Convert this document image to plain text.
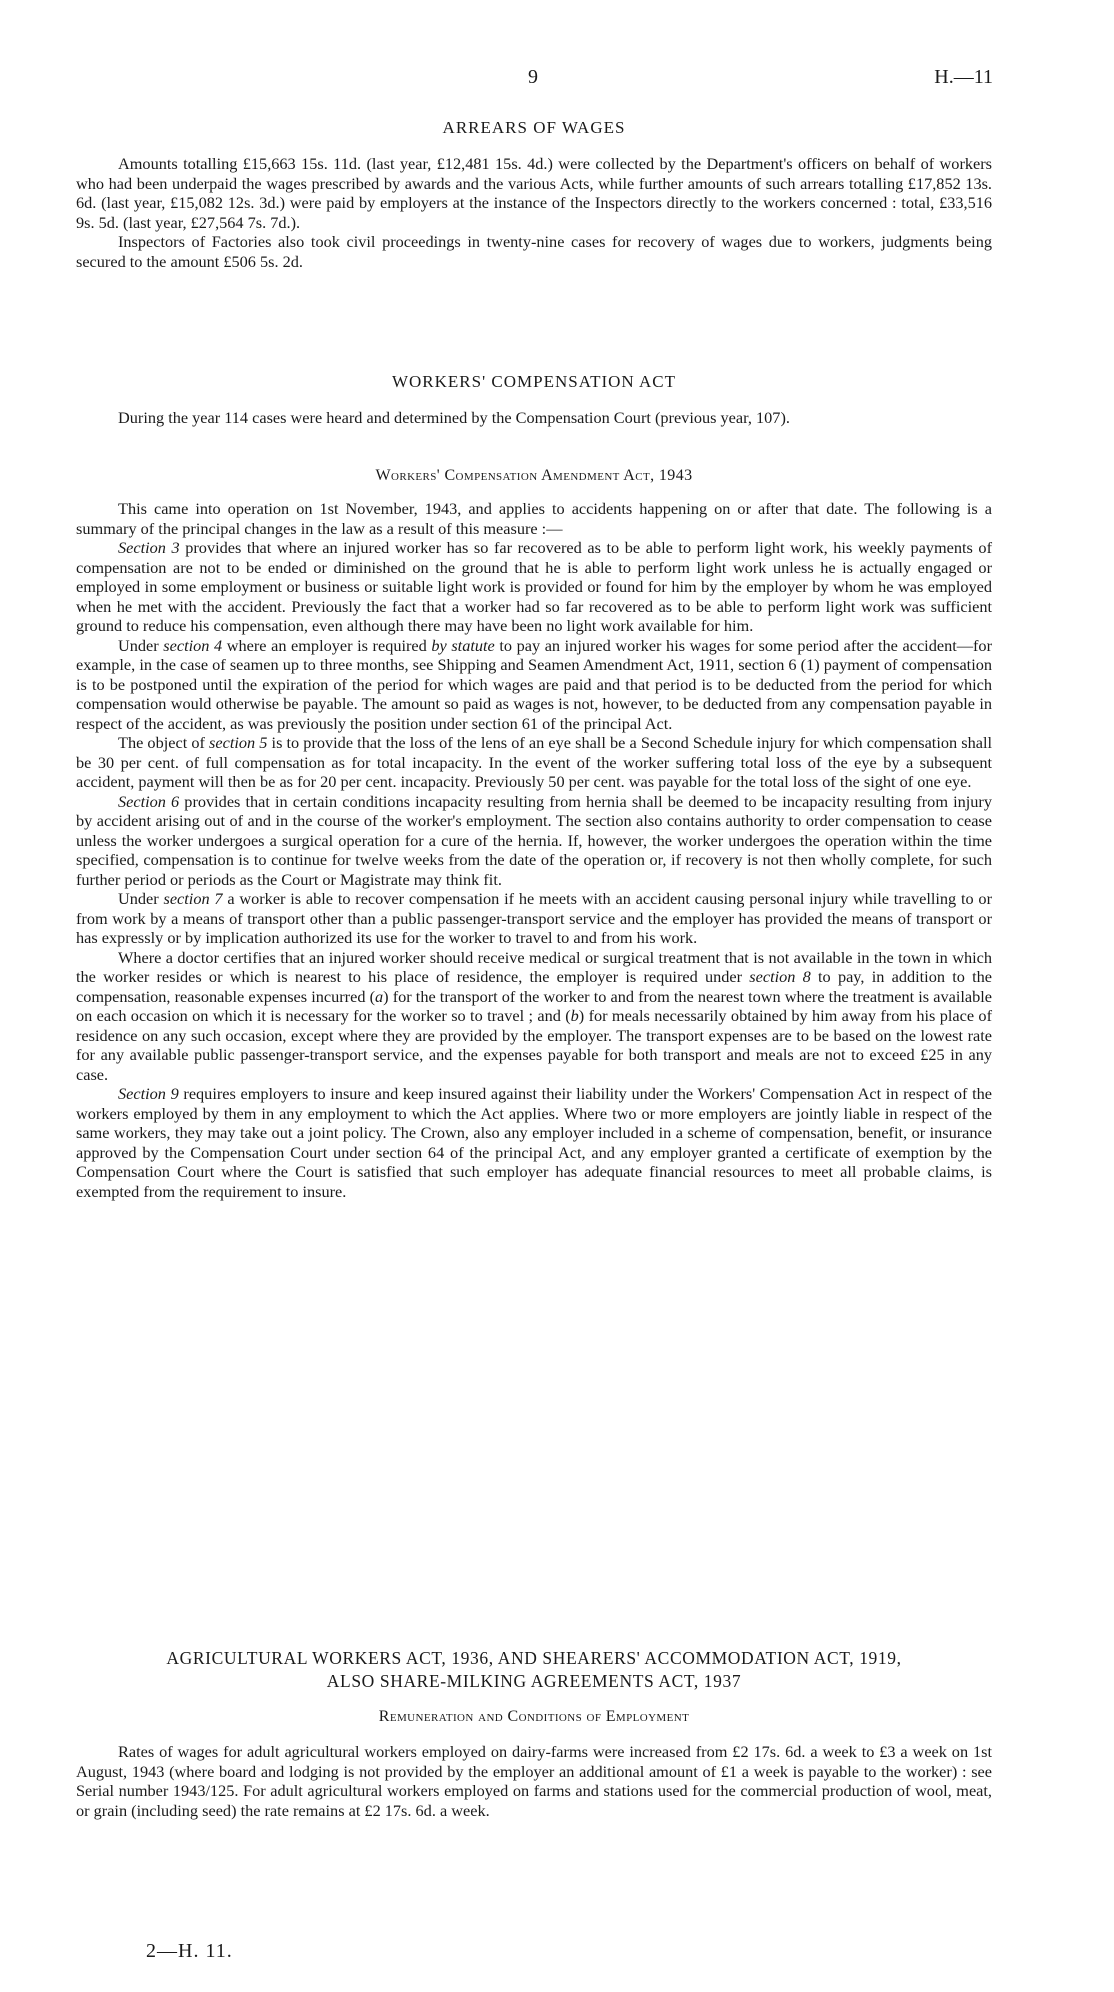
9	H.—11
ARREARS OF WAGES

Amounts totalling £15,663 15s. 11d. (last year, £12,481 15s. 4d.) were collected by the Department's officers on behalf of workers who had been underpaid the wages prescribed by awards and the various Acts, while further amounts of such arrears totalling £17,852 13s. 6d. (last year, £15,082 12s. 3d.) were paid by employers at the instance of the Inspectors directly to the workers concerned : total, £33,516 9s. 5d. (last year, £27,564 7s. 7d.).

Inspectors of Factories also took civil proceedings in twenty-nine cases for recovery of wages due to workers, judgments being secured to the amount £506 5s. 2d.

WORKERS' COMPENSATION ACT

During the year 114 cases were heard and determined by the Compensation Court (previous year, 107).

Workers' Compensation Amendment Act, 1943

This came into operation on 1st November, 1943, and applies to accidents happening on or after that date. The following is a summary of the principal changes in the law as a result of this measure :—

Section 3 provides that where an injured worker has so far recovered as to be able to perform light work, his weekly payments of compensation are not to be ended or diminished on the ground that he is able to perform light work unless he is actually engaged or employed in some employment or business or suitable light work is provided or found for him by the employer by whom he was employed when he met with the accident. Previously the fact that a worker had so far recovered as to be able to perform light work was sufficient ground to reduce his compensation, even although there may have been no light work available for him.

Under section 4 where an employer is required by statute to pay an injured worker his wages for some period after the accident—for example, in the case of seamen up to three months, see Shipping and Seamen Amendment Act, 1911, section 6 (1) payment of compensation is to be postponed until the expiration of the period for which wages are paid and that period is to be deducted from the period for which compensation would otherwise be payable. The amount so paid as wages is not, however, to be deducted from any compensation payable in respect of the accident, as was previously the position under section 61 of the principal Act.

The object of section 5 is to provide that the loss of the lens of an eye shall be a Second Schedule injury for which compensation shall be 30 per cent. of full compensation as for total incapacity. In the event of the worker suffering total loss of the eye by a subsequent accident, payment will then be as for 20 per cent. incapacity. Previously 50 per cent. was payable for the total loss of the sight of one eye.

Section 6 provides that in certain conditions incapacity resulting from hernia shall be deemed to be incapacity resulting from injury by accident arising out of and in the course of the worker's employment. The section also contains authority to order compensation to cease unless the worker undergoes a surgical operation for a cure of the hernia. If, however, the worker undergoes the operation within the time specified, compensation is to continue for twelve weeks from the date of the operation or, if recovery is not then wholly complete, for such further period or periods as the Court or Magistrate may think fit.

Under section 7 a worker is able to recover compensation if he meets with an accident causing personal injury while travelling to or from work by a means of transport other than a public passenger-transport service and the employer has provided the means of transport or has expressly or by implication authorized its use for the worker to travel to and from his work.

Where a doctor certifies that an injured worker should receive medical or surgical treatment that is not available in the town in which the worker resides or which is nearest to his place of residence, the employer is required under section 8 to pay, in addition to the compensation, reasonable expenses incurred (a) for the transport of the worker to and from the nearest town where the treatment is available on each occasion on which it is necessary for the worker so to travel ; and (b) for meals necessarily obtained by him away from his place of residence on any such occasion, except where they are provided by the employer. The transport expenses are to be based on the lowest rate for any available public passenger-transport service, and the expenses payable for both transport and meals are not to exceed £25 in any case.

Section 9 requires employers to insure and keep insured against their liability under the Workers' Compensation Act in respect of the workers employed by them in any employment to which the Act applies. Where two or more employers are jointly liable in respect of the same workers, they may take out a joint policy. The Crown, also any employer included in a scheme of compensation, benefit, or insurance approved by the Compensation Court under section 64 of the principal Act, and any employer granted a certificate of exemption by the Compensation Court where the Court is satisfied that such employer has adequate financial resources to meet all probable claims, is exempted from the requirement to insure.

AGRICULTURAL WORKERS ACT, 1936, AND SHEARERS' ACCOMMODATION ACT, 1919,
ALSO SHARE-MILKING AGREEMENTS ACT, 1937
Remuneration and Conditions of Employment

Rates of wages for adult agricultural workers employed on dairy-farms were increased from £2 17s. 6d. a week to £3 a week on 1st August, 1943 (where board and lodging is not provided by the employer an additional amount of £1 a week is payable to the worker) : see Serial number 1943/125. For adult agricultural workers employed on farms and stations used for the commercial production of wool, meat, or grain (including seed) the rate remains at £2 17s. 6d. a week.

2—H. 11.
